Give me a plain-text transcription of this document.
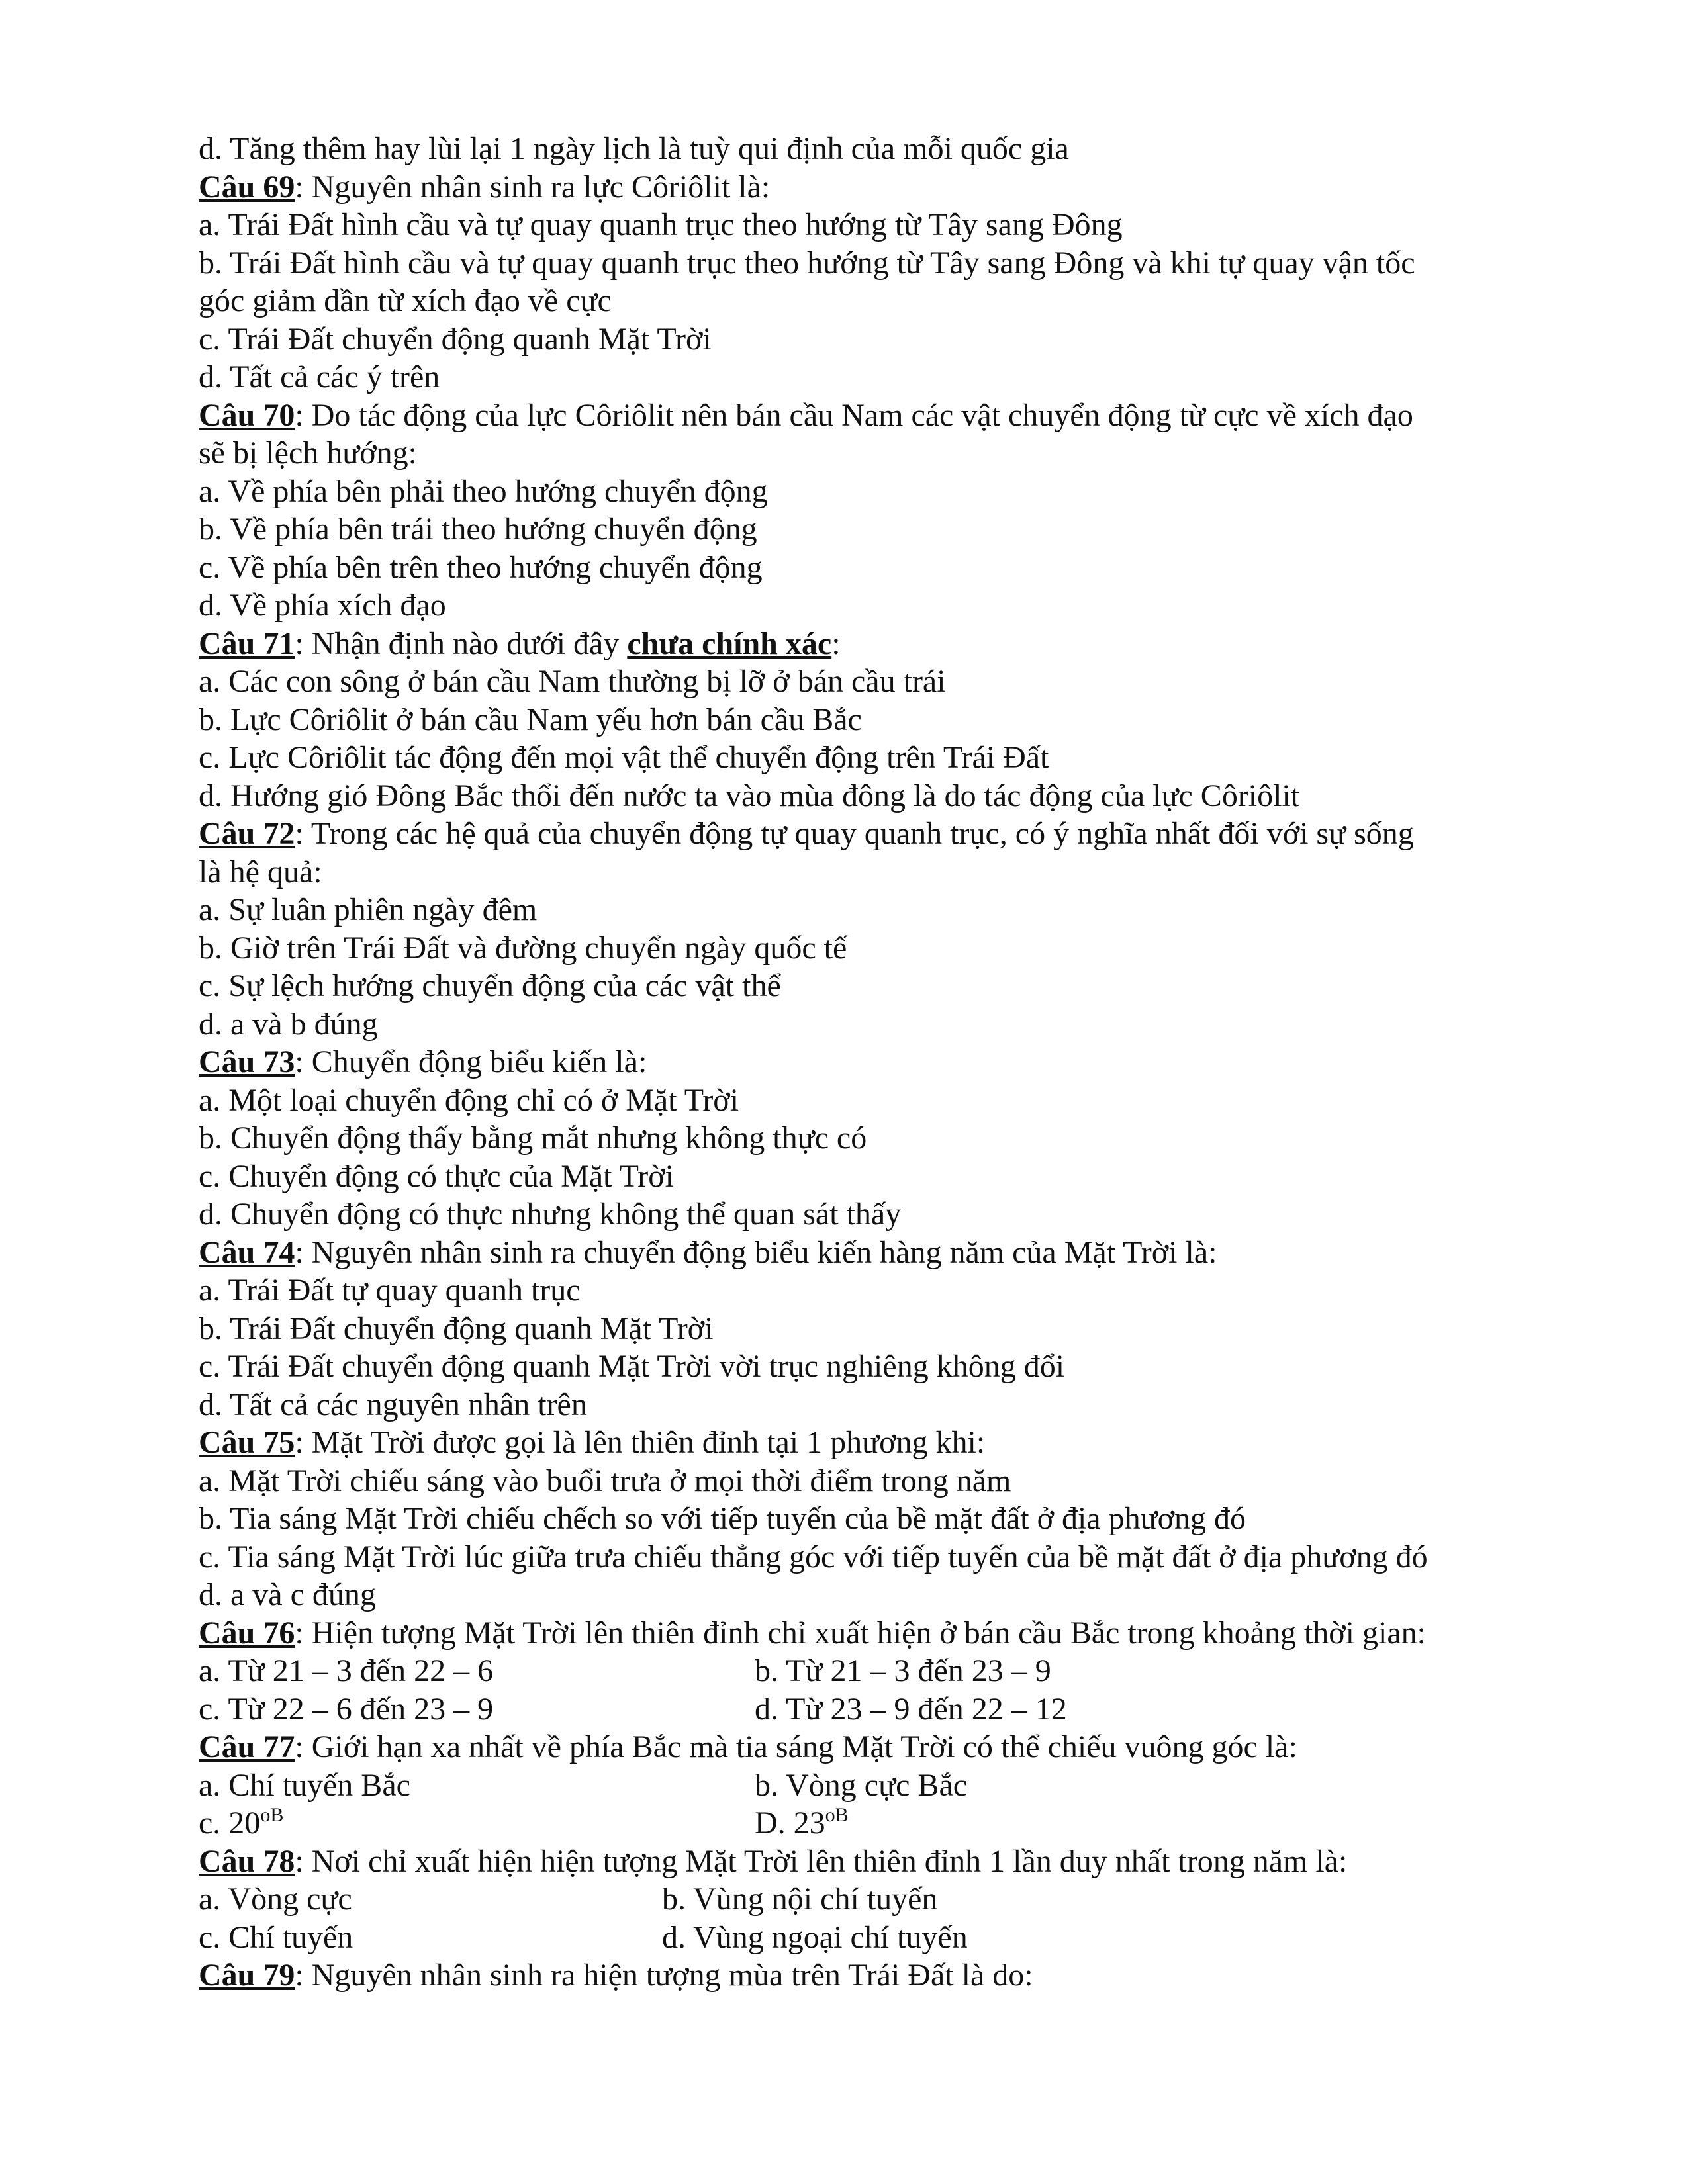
d. Tăng thêm hay lùi lại 1 ngày lịch là tuỳ qui định của mỗi quốc gia
Câu 69: Nguyên nhân sinh ra lực Côriôlit là:
a. Trái Đất hình cầu và tự quay quanh trục theo hướng từ Tây sang Đông
b. Trái Đất hình cầu và tự quay quanh trục theo hướng từ Tây sang Đông và khi tự quay vận tốc
góc giảm dần từ xích đạo về cực
c. Trái Đất chuyển động quanh Mặt Trời
d. Tất cả các ý trên
Câu 70: Do tác động của lực Côriôlit nên bán cầu Nam các vật chuyển động từ cực về xích đạo
sẽ bị lệch hướng:
a. Về phía bên phải theo hướng chuyển động
b. Về phía bên trái theo hướng chuyển động
c. Về phía bên trên theo hướng chuyển động
d. Về phía xích đạo
Câu 71: Nhận định nào dưới đây chưa chính xác:
a. Các con sông ở bán cầu Nam thường bị lỡ ở bán cầu trái
b. Lực Côriôlit ở bán cầu Nam yếu hơn bán cầu Bắc
c. Lực Côriôlit tác động đến mọi vật thể chuyển động trên Trái Đất
d. Hướng gió Đông Bắc thổi đến nước ta vào mùa đông là do tác động của lực Côriôlit
Câu 72: Trong các hệ quả của chuyển động tự quay quanh trục, có ý nghĩa nhất đối với sự sống
là hệ quả:
a. Sự luân phiên ngày đêm
b. Giờ trên Trái Đất và đường chuyển ngày quốc tế
c. Sự lệch hướng chuyển động của các vật thể
d. a và b đúng
Câu 73: Chuyển động biểu kiến là:
a. Một loại chuyển động chỉ có ở Mặt Trời
b. Chuyển động thấy bằng mắt nhưng không thực có
c. Chuyển động có thực của Mặt Trời
d. Chuyển động có thực nhưng không thể quan sát thấy
Câu 74: Nguyên nhân sinh ra chuyển động biểu kiến hàng năm của Mặt Trời là:
a. Trái Đất tự quay quanh trục
b. Trái Đất chuyển động quanh Mặt Trời
c. Trái Đất chuyển động quanh Mặt Trời vời trục nghiêng không đổi
d. Tất cả các nguyên nhân trên
Câu 75: Mặt Trời được gọi là lên thiên đỉnh tại 1 phương khi:
a. Mặt Trời chiếu sáng vào buổi trưa ở mọi thời điểm trong năm
b. Tia sáng Mặt Trời chiếu chếch so với tiếp tuyến của bề mặt đất ở địa phương đó
c. Tia sáng Mặt Trời lúc giữa trưa chiếu thẳng góc với tiếp tuyến của bề mặt đất ở địa phương đó
d. a và c đúng
Câu 76: Hiện tượng Mặt Trời lên thiên đỉnh chỉ xuất hiện ở bán cầu Bắc trong khoảng thời gian:
a. Từ 21 – 3 đến 22 – 6	b. Từ 21 – 3 đến 23 – 9
c. Từ 22 – 6 đến 23 – 9	d. Từ 23 – 9 đến 22 – 12
Câu 77: Giới hạn xa nhất về phía Bắc mà tia sáng Mặt Trời có thể chiếu vuông góc là:
a. Chí tuyến Bắc	b. Vòng cực Bắc
c. $20^{oB}$	D. $23^{oB}$
Câu 78: Nơi chỉ xuất hiện hiện tượng Mặt Trời lên thiên đỉnh 1 lần duy nhất trong năm là:
a. Vòng cực	b. Vùng nội chí tuyến
c. Chí tuyến	d. Vùng ngoại chí tuyến
Câu 79: Nguyên nhân sinh ra hiện tượng mùa trên Trái Đất là do:
